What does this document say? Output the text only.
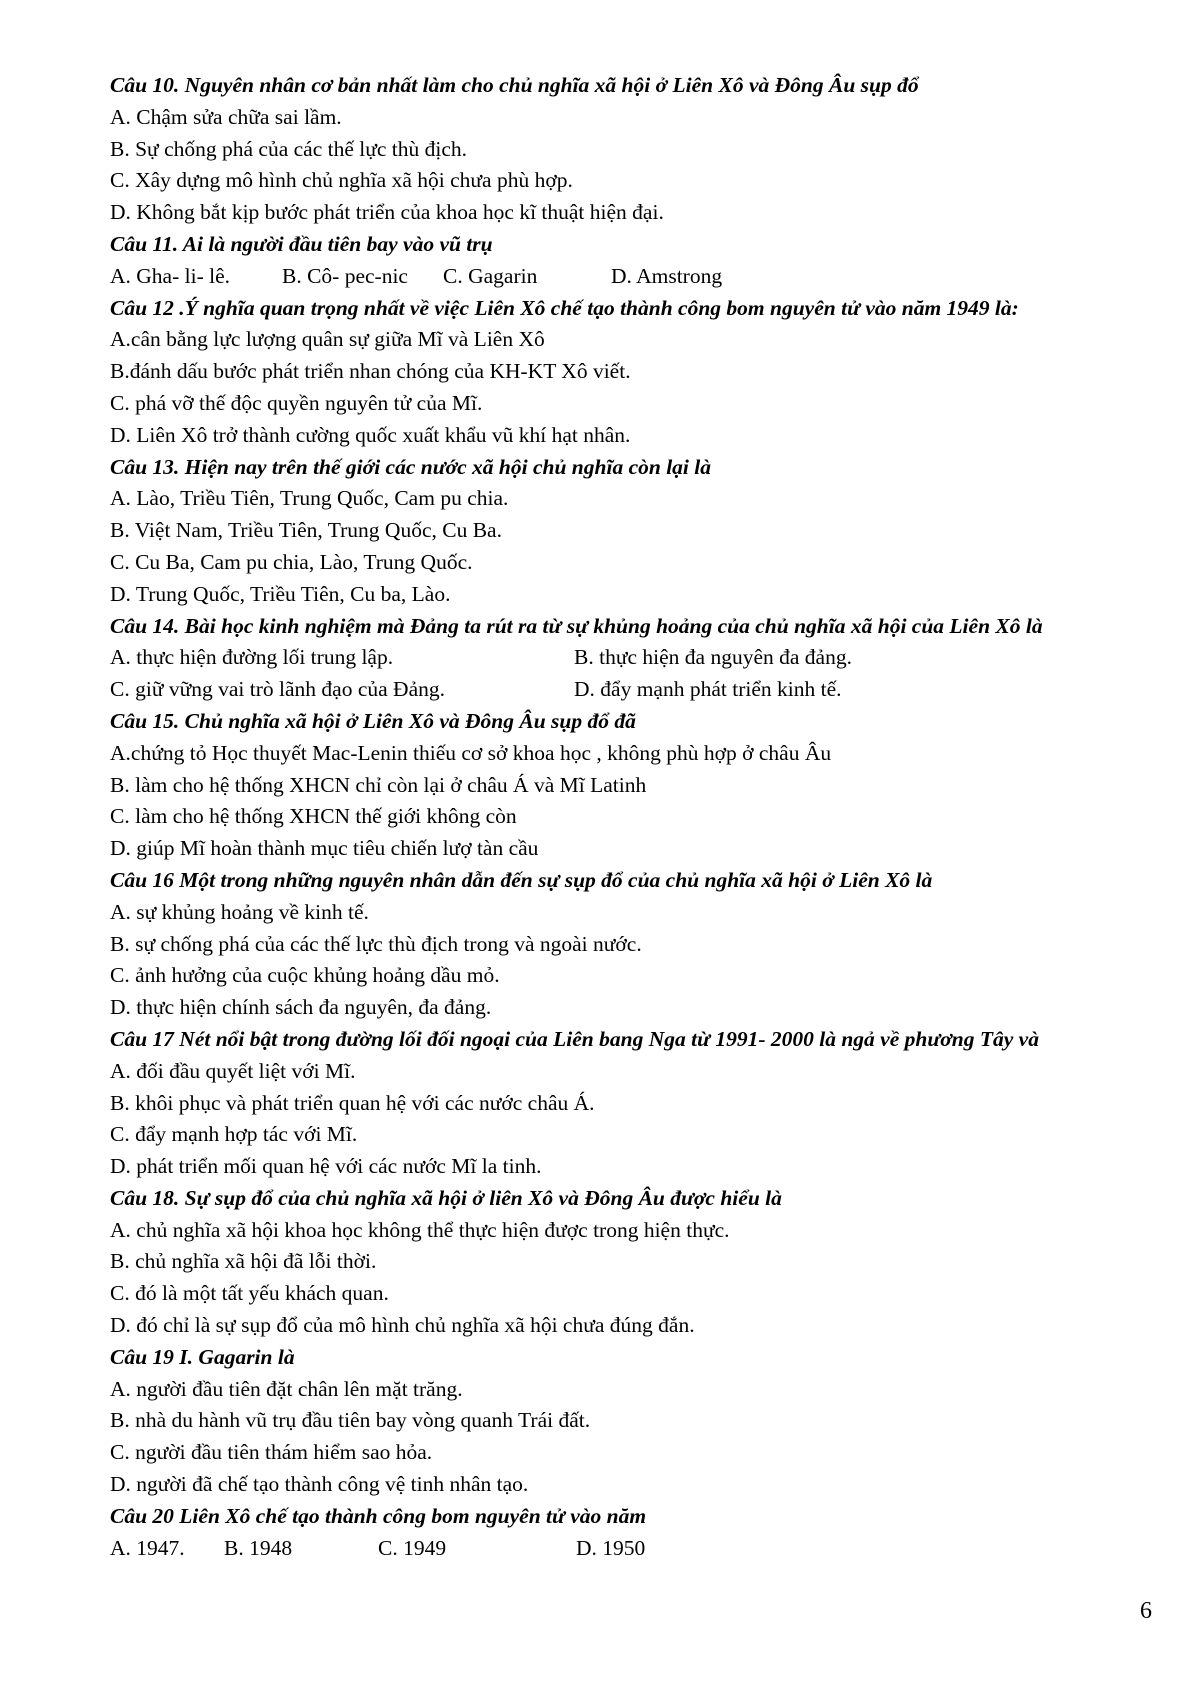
Câu 10. Nguyên nhân cơ bản nhất làm cho chủ nghĩa xã hội ở Liên Xô và Đông Âu sụp đổ
A. Chậm sửa chữa sai lầm.
B. Sự chống phá của các thế lực thù địch.
C. Xây dựng mô hình chủ nghĩa xã hội chưa phù hợp.
D. Không bắt kịp bước phát triển của khoa học kĩ thuật hiện đại.
Câu 11. Ai là người đầu tiên bay vào vũ trụ
A. Gha- li- lê.	B. Cô- pec-nic	C. Gagarin	D. Amstrong
Câu 12 .Ý nghĩa quan trọng nhất về việc Liên Xô chế tạo thành công bom nguyên tử vào năm 1949 là:
A.cân bằng lực lượng quân sự giữa Mĩ và Liên Xô
B.đánh dấu bước phát triển nhan chóng của KH-KT Xô viết.
C. phá vỡ thế độc quyền nguyên tử của Mĩ.
D. Liên Xô trở thành cường quốc xuất khẩu vũ khí hạt nhân.
Câu 13. Hiện nay trên thế giới các nước xã hội chủ nghĩa còn lại là
A. Lào, Triều Tiên, Trung Quốc, Cam pu chia.
B. Việt Nam, Triều Tiên, Trung Quốc, Cu Ba.
C. Cu Ba, Cam pu chia, Lào, Trung Quốc.
D. Trung Quốc, Triều Tiên, Cu ba, Lào.
Câu 14. Bài học kinh nghiệm mà Đảng ta rút ra từ sự khủng hoảng của chủ nghĩa xã hội của Liên Xô là
A. thực hiện đường lối trung lập.	B. thực hiện đa nguyên đa đảng.
C. giữ vững vai trò lãnh đạo của Đảng.	D. đẩy mạnh phát triển kinh tế.
Câu 15. Chủ nghĩa xã hội ở Liên Xô và Đông Âu sụp đổ đã
A.chứng tỏ Học thuyết Mac-Lenin thiếu cơ sở khoa học , không phù hợp ở châu Âu
B. làm cho hệ thống XHCN chỉ còn lại ở châu Á và Mĩ Latinh
C. làm cho hệ thống XHCN thế giới không còn
D. giúp Mĩ hoàn thành mục tiêu chiến lượ tàn cầu
Câu 16 Một trong những nguyên nhân dẫn đến sự sụp đổ của chủ nghĩa xã hội ở Liên Xô là
A. sự khủng hoảng về kinh tế.
B. sự chống phá của các thế lực thù địch trong và ngoài nước.
C. ảnh hưởng của cuộc khủng hoảng dầu mỏ.
D. thực hiện chính sách đa nguyên, đa đảng.
Câu 17 Nét nổi bật trong đường lối đối ngoại của Liên bang Nga từ 1991- 2000 là ngả về phương Tây và
A. đối đầu quyết liệt với Mĩ.
B. khôi phục và phát triển quan hệ với các nước châu Á.
C. đẩy mạnh hợp tác với Mĩ.
D. phát triển mối quan hệ với các nước Mĩ la tinh.
Câu 18. Sự sụp đổ của chủ nghĩa xã hội ở liên Xô và Đông Âu được hiểu là
A. chủ nghĩa xã hội khoa học không thể thực hiện được trong hiện thực.
B. chủ nghĩa xã hội đã lỗi thời.
C. đó là một tất yếu khách quan.
D. đó chỉ là sự sụp đổ của mô hình chủ nghĩa xã hội chưa đúng đắn.
Câu 19 I. Gagarin là
A. người đầu tiên đặt chân lên mặt trăng.
B. nhà du hành vũ trụ đầu tiên bay vòng quanh Trái đất.
C. người đầu tiên thám hiểm sao hỏa.
D. người đã chế tạo thành công vệ tinh nhân tạo.
Câu 20 Liên Xô chế tạo thành công bom nguyên tử vào năm
A. 1947.	B. 1948	C. 1949	D. 1950
6
